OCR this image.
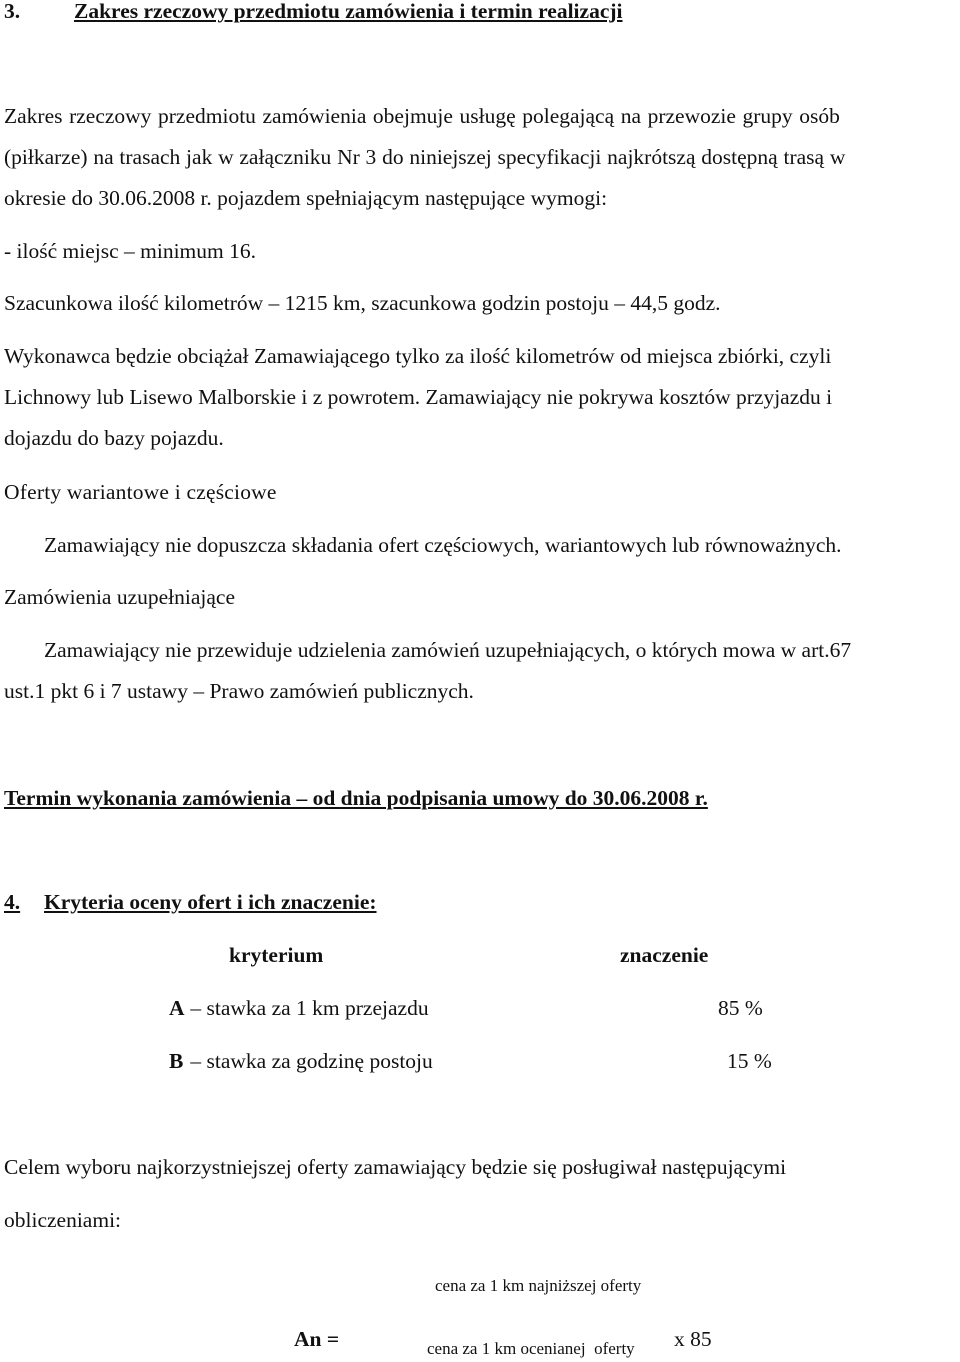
3.	Zakres rzeczowy przedmiotu zamówienia i termin realizacji
Zakres rzeczowy przedmiotu zamówienia obejmuje usługę polegającą na przewozie grupy osób
(piłkarze) na trasach jak w załączniku Nr 3 do niniejszej specyfikacji najkrótszą dostępną trasą w
okresie do 30.06.2008 r. pojazdem spełniającym następujące wymogi:
- ilość miejsc – minimum 16.
Szacunkowa ilość kilometrów – 1215 km, szacunkowa godzin postoju – 44,5 godz.
Wykonawca będzie obciążał Zamawiającego tylko za ilość kilometrów od miejsca zbiórki, czyli
Lichnowy lub Lisewo Malborskie i z powrotem. Zamawiający nie pokrywa kosztów przyjazdu i
dojazdu do bazy pojazdu.
Oferty wariantowe i częściowe
Zamawiający nie dopuszcza składania ofert częściowych, wariantowych lub równoważnych.
Zamówienia uzupełniające
Zamawiający nie przewiduje udzielenia zamówień uzupełniających, o których mowa w art.67
ust.1 pkt 6 i 7 ustawy – Prawo zamówień publicznych.
Termin wykonania zamówienia – od dnia podpisania umowy do 30.06.2008 r.
4. Kryteria oceny ofert i ich znaczenie:
kryterium	znaczenie
A – stawka za 1 km przejazdu	85 %
B – stawka za godzinę postoju	15 %
Celem wyboru najkorzystniejszej oferty zamawiający będzie się posługiwał następującymi
obliczeniami:
cena za 1 km najniższej oferty
An =	cena za 1 km ocenianej  oferty x 85
